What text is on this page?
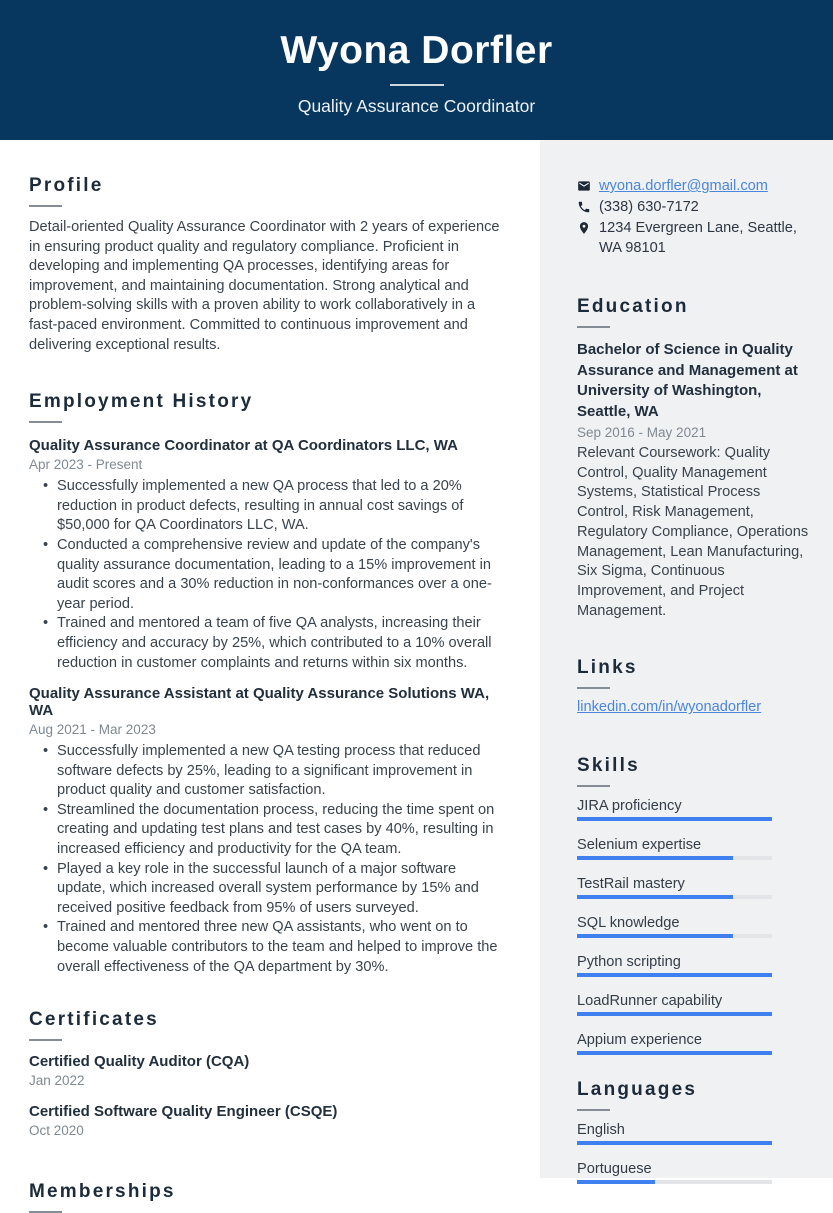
Wyona Dorfler
Quality Assurance Coordinator
Profile

Detail-oriented Quality Assurance Coordinator with 2 years of experience in ensuring product quality and regulatory compliance. Proficient in developing and implementing QA processes, identifying areas for improvement, and maintaining documentation. Strong analytical and problem-solving skills with a proven ability to work collaboratively in a fast-paced environment. Committed to continuous improvement and delivering exceptional results.

Employment History
Quality Assurance Coordinator at QA Coordinators LLC, WA
Apr 2023 - Present
• Successfully implemented a new QA process that led to a 20% reduction in product defects, resulting in annual cost savings of $50,000 for QA Coordinators LLC, WA.
• Conducted a comprehensive review and update of the company's quality assurance documentation, leading to a 15% improvement in audit scores and a 30% reduction in non-conformances over a one-year period.
• Trained and mentored a team of five QA analysts, increasing their efficiency and accuracy by 25%, which contributed to a 10% overall reduction in customer complaints and returns within six months.
Quality Assurance Assistant at Quality Assurance Solutions WA, WA
Aug 2021 - Mar 2023
• Successfully implemented a new QA testing process that reduced software defects by 25%, leading to a significant improvement in product quality and customer satisfaction.
• Streamlined the documentation process, reducing the time spent on creating and updating test plans and test cases by 40%, resulting in increased efficiency and productivity for the QA team.
• Played a key role in the successful launch of a major software update, which increased overall system performance by 15% and received positive feedback from 95% of users surveyed.
• Trained and mentored three new QA assistants, who went on to become valuable contributors to the team and helped to improve the overall effectiveness of the QA department by 30%.
Certificates
Certified Quality Auditor (CQA)
Jan 2022
Certified Software Quality Engineer (CSQE)
Oct 2020
Memberships
wyona.dorfler@gmail.com
(338) 630-7172
1234 Evergreen Lane, Seattle, WA 98101
Education
Bachelor of Science in Quality Assurance and Management at University of Washington, Seattle, WA
Sep 2016 - May 2021
Relevant Coursework: Quality Control, Quality Management Systems, Statistical Process Control, Risk Management, Regulatory Compliance, Operations Management, Lean Manufacturing, Six Sigma, Continuous Improvement, and Project Management.
Links
linkedin.com/in/wyonadorfler
Skills
JIRA proficiency
Selenium expertise
TestRail mastery
SQL knowledge
Python scripting
LoadRunner capability
Appium experience
Languages
English
Portuguese
